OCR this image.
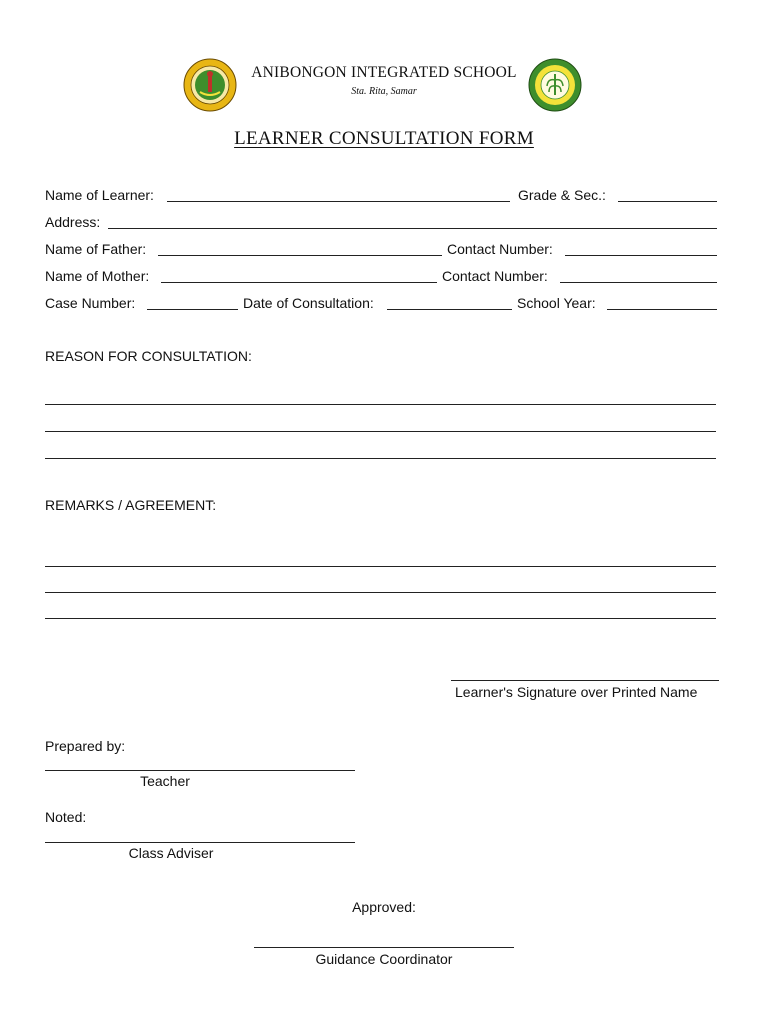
ANIBONGON INTEGRATED SCHOOL
Sta. Rita, Samar
LEARNER CONSULTATION FORM
Name of Learner:	Grade & Sec.:
Address:
Name of Father:	Contact Number:
Name of Mother:	Contact Number:
Case Number:	Date of Consultation:	School Year:
REASON FOR CONSULTATION:
REMARKS / AGREEMENT:
Learner's Signature over Printed Name
Prepared by:
Teacher
Noted:
Class Adviser
Approved:
Guidance Coordinator
